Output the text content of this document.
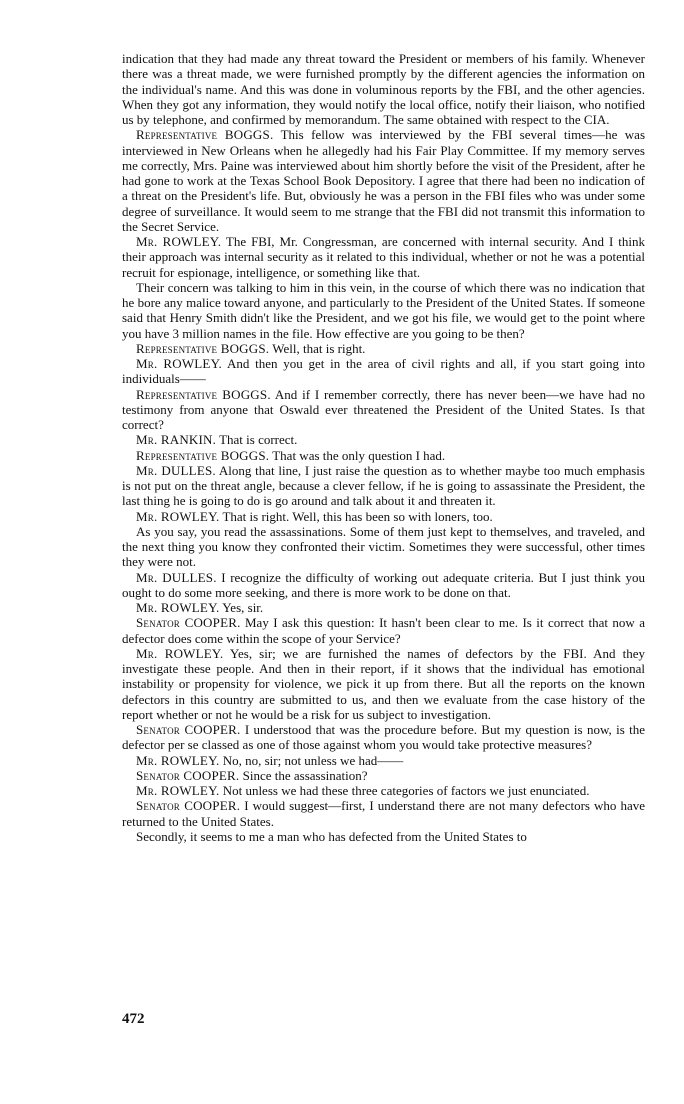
indication that they had made any threat toward the President or members of his family. Whenever there was a threat made, we were furnished promptly by the different agencies the information on the individual's name. And this was done in voluminous reports by the FBI, and the other agencies. When they got any information, they would notify the local office, notify their liaison, who notified us by telephone, and confirmed by memorandum. The same obtained with respect to the CIA.

Representative BOGGS. This fellow was interviewed by the FBI several times—he was interviewed in New Orleans when he allegedly had his Fair Play Committee. If my memory serves me correctly, Mrs. Paine was interviewed about him shortly before the visit of the President, after he had gone to work at the Texas School Book Depository. I agree that there had been no indication of a threat on the President's life. But, obviously he was a person in the FBI files who was under some degree of surveillance. It would seem to me strange that the FBI did not transmit this information to the Secret Service.

Mr. ROWLEY. The FBI, Mr. Congressman, are concerned with internal security. And I think their approach was internal security as it related to this individual, whether or not he was a potential recruit for espionage, intelligence, or something like that.

Their concern was talking to him in this vein, in the course of which there was no indication that he bore any malice toward anyone, and particularly to the President of the United States. If someone said that Henry Smith didn't like the President, and we got his file, we would get to the point where you have 3 million names in the file. How effective are you going to be then?

Representative BOGGS. Well, that is right.

Mr. ROWLEY. And then you get in the area of civil rights and all, if you start going into individuals——

Representative BOGGS. And if I remember correctly, there has never been—we have had no testimony from anyone that Oswald ever threatened the President of the United States. Is that correct?

Mr. RANKIN. That is correct.

Representative BOGGS. That was the only question I had.

Mr. DULLES. Along that line, I just raise the question as to whether maybe too much emphasis is not put on the threat angle, because a clever fellow, if he is going to assassinate the President, the last thing he is going to do is go around and talk about it and threaten it.

Mr. ROWLEY. That is right. Well, this has been so with loners, too.

As you say, you read the assassinations. Some of them just kept to themselves, and traveled, and the next thing you know they confronted their victim. Sometimes they were successful, other times they were not.

Mr. DULLES. I recognize the difficulty of working out adequate criteria. But I just think you ought to do some more seeking, and there is more work to be done on that.

Mr. ROWLEY. Yes, sir.

Senator COOPER. May I ask this question: It hasn't been clear to me. Is it correct that now a defector does come within the scope of your Service?

Mr. ROWLEY. Yes, sir; we are furnished the names of defectors by the FBI. And they investigate these people. And then in their report, if it shows that the individual has emotional instability or propensity for violence, we pick it up from there. But all the reports on the known defectors in this country are submitted to us, and then we evaluate from the case history of the report whether or not he would be a risk for us subject to investigation.

Senator COOPER. I understood that was the procedure before. But my question is now, is the defector per se classed as one of those against whom you would take protective measures?

Mr. ROWLEY. No, no, sir; not unless we had——

Senator COOPER. Since the assassination?

Mr. ROWLEY. Not unless we had these three categories of factors we just enunciated.

Senator COOPER. I would suggest—first, I understand there are not many defectors who have returned to the United States.

Secondly, it seems to me a man who has defected from the United States to

472
